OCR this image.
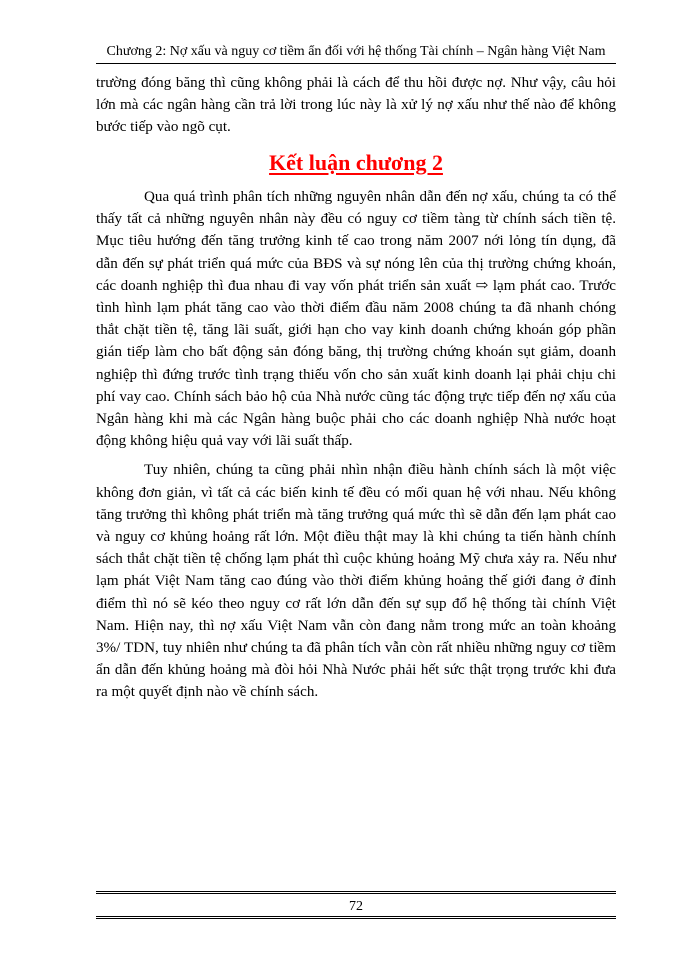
Chương 2: Nợ xấu và nguy cơ tiềm ẩn đối với hệ thống Tài chính – Ngân hàng Việt Nam

trường đóng băng thì cũng không phải là cách để thu hồi được nợ. Như vậy, câu hỏi lớn mà các ngân hàng cần trả lời trong lúc này là xử lý nợ xấu như thế nào để không bước tiếp vào ngõ cụt.

Kết luận chương 2

Qua quá trình phân tích những nguyên nhân dẫn đến nợ xấu, chúng ta có thể thấy tất cả những nguyên nhân này đều có nguy cơ tiềm tàng từ chính sách tiền tệ. Mục tiêu hướng đến tăng trưởng kinh tế cao trong năm 2007 nới lỏng tín dụng, đã dẫn đến sự phát triển quá mức của BĐS và sự nóng lên của thị trường chứng khoán, các doanh nghiệp thì đua nhau đi vay vốn phát triển sản xuất ⇨ lạm phát cao. Trước tình hình lạm phát tăng cao vào thời điểm đầu năm 2008 chúng ta đã nhanh chóng thắt chặt tiền tệ, tăng lãi suất, giới hạn cho vay kinh doanh chứng khoán góp phần gián tiếp làm cho bất động sản đóng băng, thị trường chứng khoán sụt giảm, doanh nghiệp thì đứng trước tình trạng thiếu vốn cho sản xuất kinh doanh lại phải chịu chi phí vay cao. Chính sách bảo hộ của Nhà nước cũng tác động trực tiếp đến nợ xấu của Ngân hàng khi mà các Ngân hàng buộc phải cho các doanh nghiệp Nhà nước hoạt động không hiệu quả vay với lãi suất thấp.

Tuy nhiên, chúng ta cũng phải nhìn nhận điều hành chính sách là một việc không đơn giản, vì tất cả các biến kinh tế đều có mối quan hệ với nhau. Nếu không tăng trưởng thì không phát triển mà tăng trưởng quá mức thì sẽ dẫn đến lạm phát cao và nguy cơ khủng hoảng rất lớn. Một điều thật may là khi chúng ta tiến hành chính sách thắt chặt tiền tệ chống lạm phát thì cuộc khủng hoảng Mỹ chưa xảy ra. Nếu như lạm phát Việt Nam tăng cao đúng vào thời điểm khủng hoảng thế giới đang ở đỉnh điểm thì nó sẽ kéo theo nguy cơ rất lớn dẫn đến sự sụp đổ hệ thống tài chính Việt Nam. Hiện nay, thì nợ xấu Việt Nam vẫn còn đang nằm trong mức an toàn khoảng 3%/ TDN, tuy nhiên như chúng ta đã phân tích vẫn còn rất nhiều những nguy cơ tiềm ẩn dẫn đến khủng hoảng mà đòi hỏi Nhà Nước phải hết sức thật trọng trước khi đưa ra một quyết định nào về chính sách.

72
